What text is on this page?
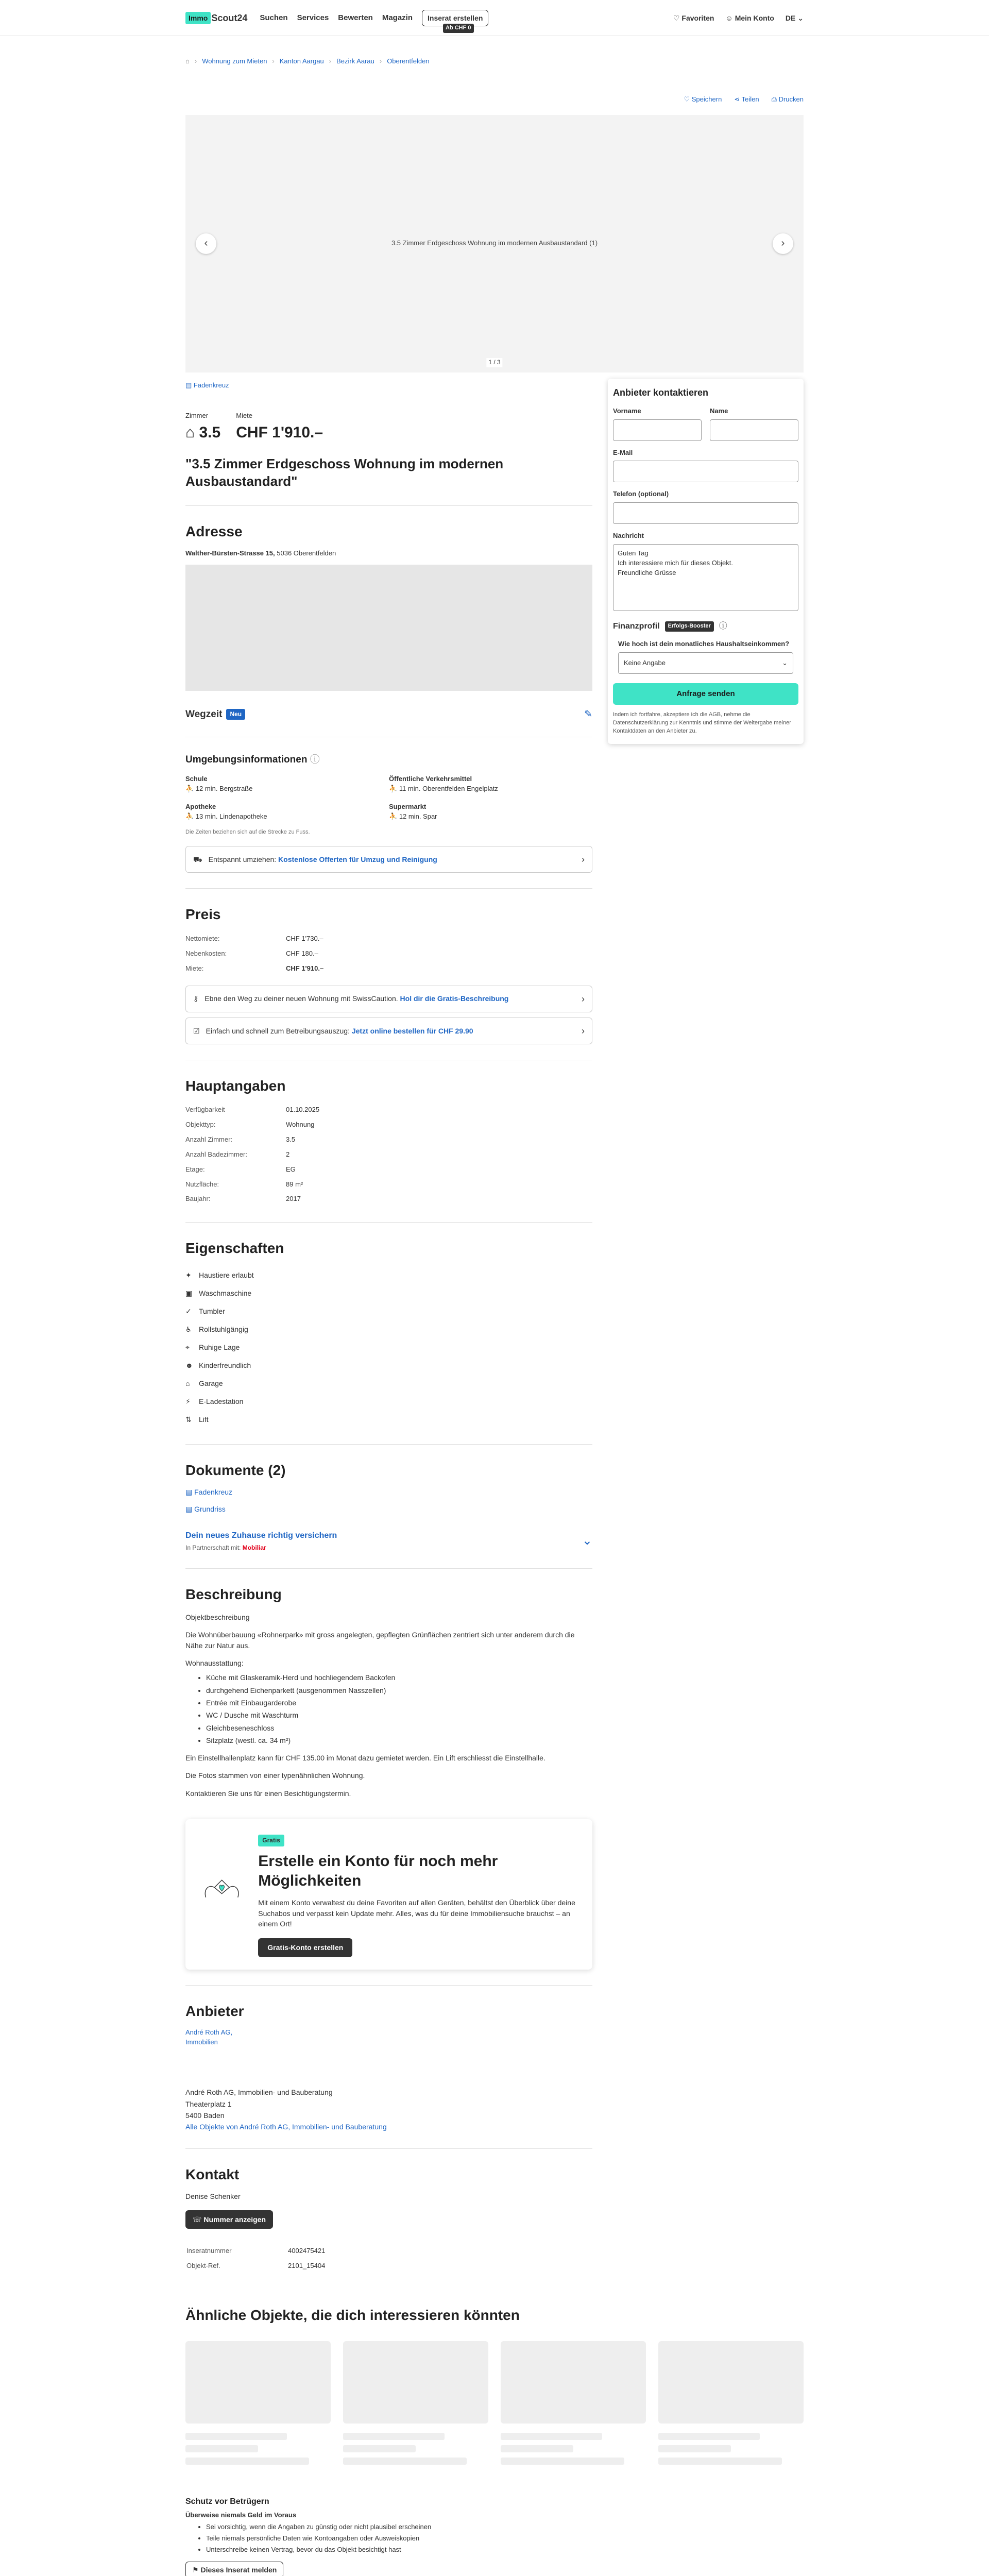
Immo Scout24 Suchen Services Bewerten Magazin	Inserat erstellen
Ab CHF 0
♡ Favoriten ☺ Mein Konto DE ⌄
⌂ › Wohnung zum Mieten › Kanton Aargau › Bezirk Aarau › Oberentfelden
♡ Speichern ⋖ Teilen ⎙ Drucken
3.5 Zimmer Erdgeschoss Wohnung im modernen Ausbaustandard (1)
‹	›
1 / 3
▤ Fadenkreuz
Zimmer
⌂ 3.5
Miete
CHF 1'910.–
"3.5 Zimmer Erdgeschoss Wohnung im modernen Ausbaustandard"
Adresse
Walther-Bürsten-Strasse 15, 5036 Oberentfelden
Wegzeit	Neu	✎
Umgebungsinformationen ⓘ
Schule
⛹ 12 min. Bergstraße
Öffentliche Verkehrsmittel
⛹ 11 min. Oberentfelden Engelplatz
Apotheke
⛹ 13 min. Lindenapotheke
Supermarkt
⛹ 12 min. Spar
Die Zeiten beziehen sich auf die Strecke zu Fuss.
⛟ Entspannt umziehen:
Kostenlose Offerten für Umzug und Reinigung	›
Preis
Nettomiete:	CHF 1'730.–
Nebenkosten:	CHF 180.–
Miete:	CHF 1'910.–
⚷ Ebne den Weg zu deiner neuen Wohnung mit SwissCaution. Hol dir die Gratis-Beschreibung	›
☑ Einfach und schnell zum Betreibungsauszug: Jetzt online bestellen für CHF 29.90	›
Hauptangaben
Verfügbarkeit	01.10.2025
Objekttyp:	Wohnung
Anzahl Zimmer:	3.5
Anzahl Badezimmer:	2
Etage:	EG
Nutzfläche:	89 m²
Baujahr:	2017
Eigenschaften
✦	Haustiere erlaubt
▣ Waschmaschine
✓	Tumbler
♿ Rollstuhlgängig
⌖	Ruhige Lage
☻ Kinderfreundlich
⌂	Garage
⚡	E-Ladestation
⇅	Lift
Dokumente (2)
▤ Fadenkreuz
▤ Grundriss
Dein neues Zuhause richtig versichern
In Partnerschaft mit: Mobiliar
⌄
Beschreibung

Objektbeschreibung

Die Wohnüberbauung «Rohnerpark» mit gross angelegten, gepflegten Grünflächen zentriert sich unter anderem durch die Nähe zur Natur aus.

Wohnausstattung:

• Küche mit Glaskeramik-Herd und hochliegendem Backofen
• durchgehend Eichenparkett (ausgenommen Nasszellen)
• Entrée mit Einbaugarderobe
• WC / Dusche mit Waschturm
• Gleichbeseneschloss
• Sitzplatz (westl. ca. 34 m²)

Ein Einstellhallenplatz kann für CHF 135.00 im Monat dazu gemietet werden. Ein Lift erschliesst die Einstellhalle.

Die Fotos stammen von einer typenähnlichen Wohnung.

Kontaktieren Sie uns für einen Besichtigungstermin.

Gratis
Erstelle ein Konto für noch mehr Möglichkeiten
Mit einem Konto verwaltest du deine Favoriten auf allen Geräten, behältst den Überblick über deine Suchabos und verpasst kein Update mehr. Alles, was du für deine Immobiliensuche brauchst – an einem Ort!
Gratis-Konto erstellen
Anbieter
André Roth AG, Immobilien
André Roth AG, Immobilien- und Bauberatung
Theaterplatz 1
5400 Baden
Alle Objekte von André Roth AG, Immobilien- und Bauberatung
Kontakt
Denise Schenker
☏ Nummer anzeigen
Inseratnummer	4002475421
Objekt-Ref.	2101_15404
Anbieter kontaktieren
Vorname	Name
E-Mail
Telefon (optional)
Nachricht
Guten Tag
Ich interessiere mich für dieses Objekt.
Freundliche Grüsse
Finanzprofil	Erfolgs-Booster	ⓘ
Wie hoch ist dein monatliches Haushaltseinkommen?
Keine Angabe	⌄
Anfrage senden
Indem ich fortfahre, akzeptiere ich die AGB, nehme die Datenschutzerklärung zur Kenntnis und stimme der Weitergabe meiner Kontaktdaten an den Anbieter zu.
Ähnliche Objekte, die dich interessieren könnten
Schutz vor Betrügern
Überweise niemals Geld im Voraus
• Sei vorsichtig, wenn die Angaben zu günstig oder nicht plausibel erscheinen
• Teile niemals persönliche Daten wie Kontoangaben oder Ausweiskopien
• Unterschreibe keinen Vertrag, bevor du das Objekt besichtigt hast
⚑ Dieses Inserat melden
